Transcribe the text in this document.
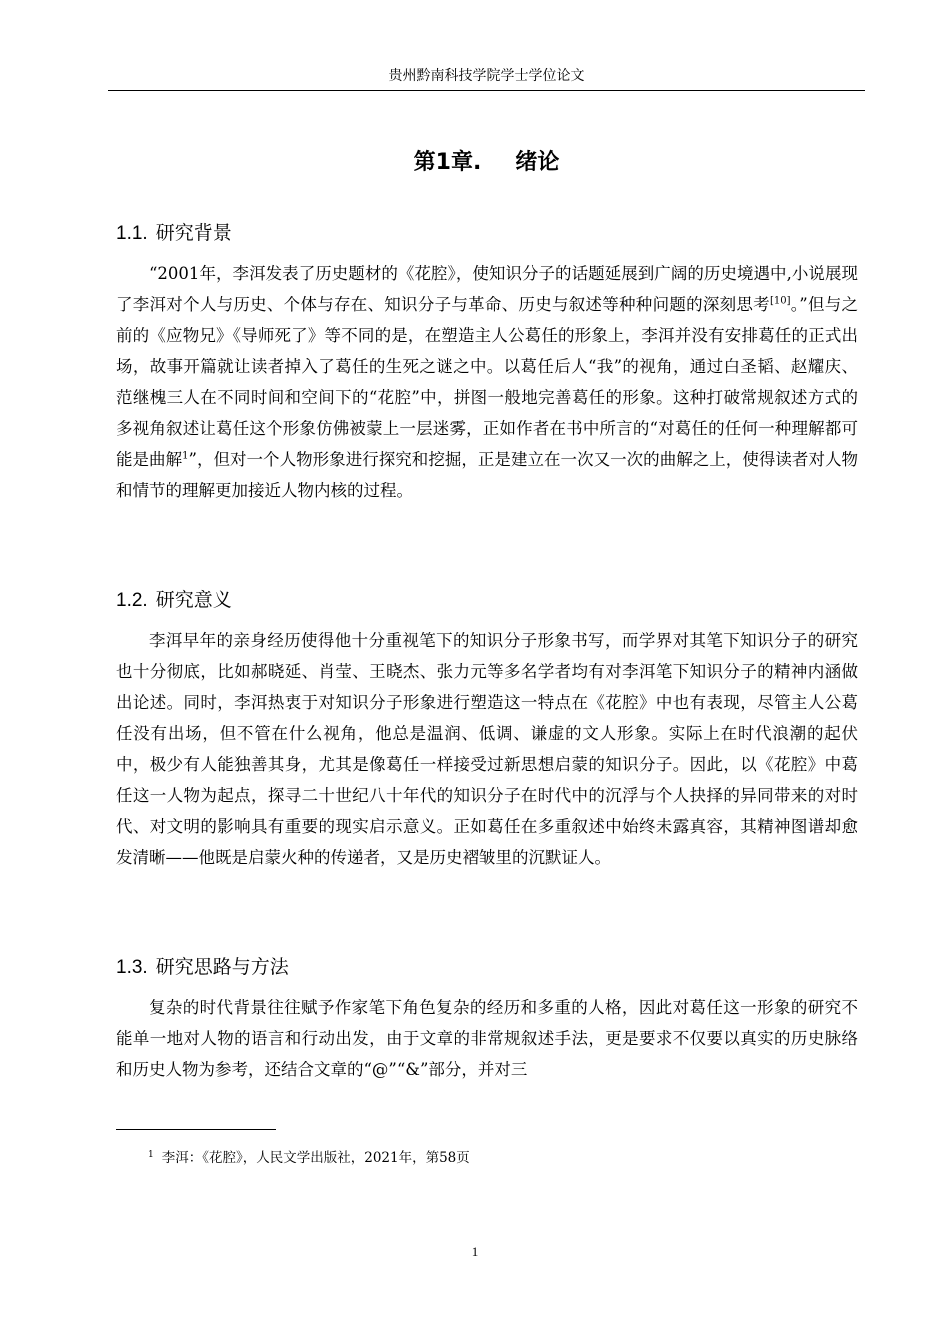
贵州黔南科技学院学士学位论文
第1章. 绪论
1.1. 研究背景

“2001年，李洱发表了历史题材的《花腔》，使知识分子的话题延展到广阔的历史境遇中,小说展现了李洱对个人与历史、个体与存在、知识分子与革命、历史与叙述等种种问题的深刻思考[10]。”但与之前的《应物兄》《导师死了》等不同的是，在塑造主人公葛任的形象上，李洱并没有安排葛任的正式出场，故事开篇就让读者掉入了葛任的生死之谜之中。以葛任后人“我”的视角，通过白圣韬、赵耀庆、范继槐三人在不同时间和空间下的“花腔”中，拼图一般地完善葛任的形象。这种打破常规叙述方式的多视角叙述让葛任这个形象仿佛被蒙上一层迷雾，正如作者在书中所言的“对葛任的任何一种理解都可能是曲解$^1$”，但对一个人物形象进行探究和挖掘，正是建立在一次又一次的曲解之上，使得读者对人物和情节的理解更加接近人物内核的过程。

1.2. 研究意义

李洱早年的亲身经历使得他十分重视笔下的知识分子形象书写，而学界对其笔下知识分子的研究也十分彻底，比如郝晓延、肖莹、王晓杰、张力元等多名学者均有对李洱笔下知识分子的精神内涵做出论述。同时，李洱热衷于对知识分子形象进行塑造这一特点在《花腔》中也有表现，尽管主人公葛任没有出场，但不管在什么视角，他总是温润、低调、谦虚的文人形象。实际上在时代浪潮的起伏中，极少有人能独善其身，尤其是像葛任一样接受过新思想启蒙的知识分子。因此，以《花腔》中葛任这一人物为起点，探寻二十世纪八十年代的知识分子在时代中的沉浮与个人抉择的异同带来的对时代、对文明的影响具有重要的现实启示意义。正如葛任在多重叙述中始终未露真容，其精神图谱却愈发清晰——他既是启蒙火种的传递者，又是历史褶皱里的沉默证人。

1.3. 研究思路与方法

复杂的时代背景往往赋予作家笔下角色复杂的经历和多重的人格，因此对葛任这一形象的研究不能单一地对人物的语言和行动出发，由于文章的非常规叙述手法，更是要求不仅要以真实的历史脉络和历史人物为参考，还结合文章的“@”“&”部分，并对三

$^1$ 李洱：《花腔》，人民文学出版社，2021年，第58页
1
